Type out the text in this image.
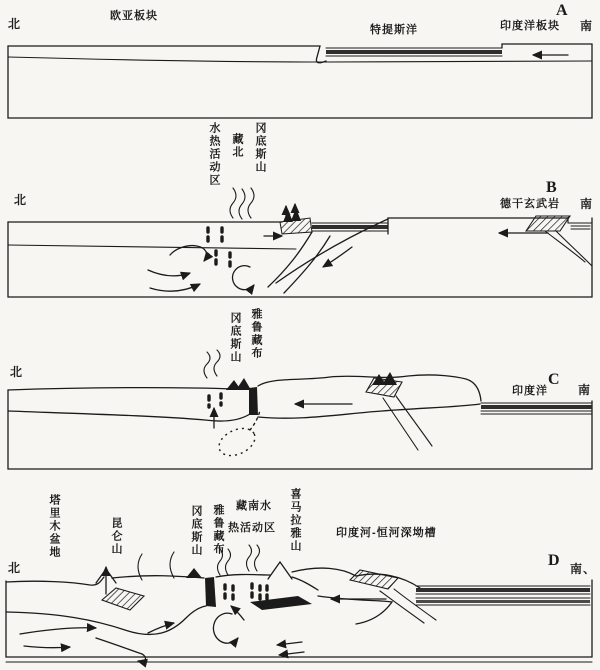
北
欧亚板块
特提斯洋	印度洋板块
A
南
水热活动区 藏北 冈底斯山
北
B
德干玄武岩 南
冈底斯山 雅鲁藏布
北	C
印度洋	南
塔里木盆地	昆仑山	冈底斯山 雅鲁藏布 藏南水
热活动区 喜马拉雅山	印度河-恒河深坳槽
北	D 南、
